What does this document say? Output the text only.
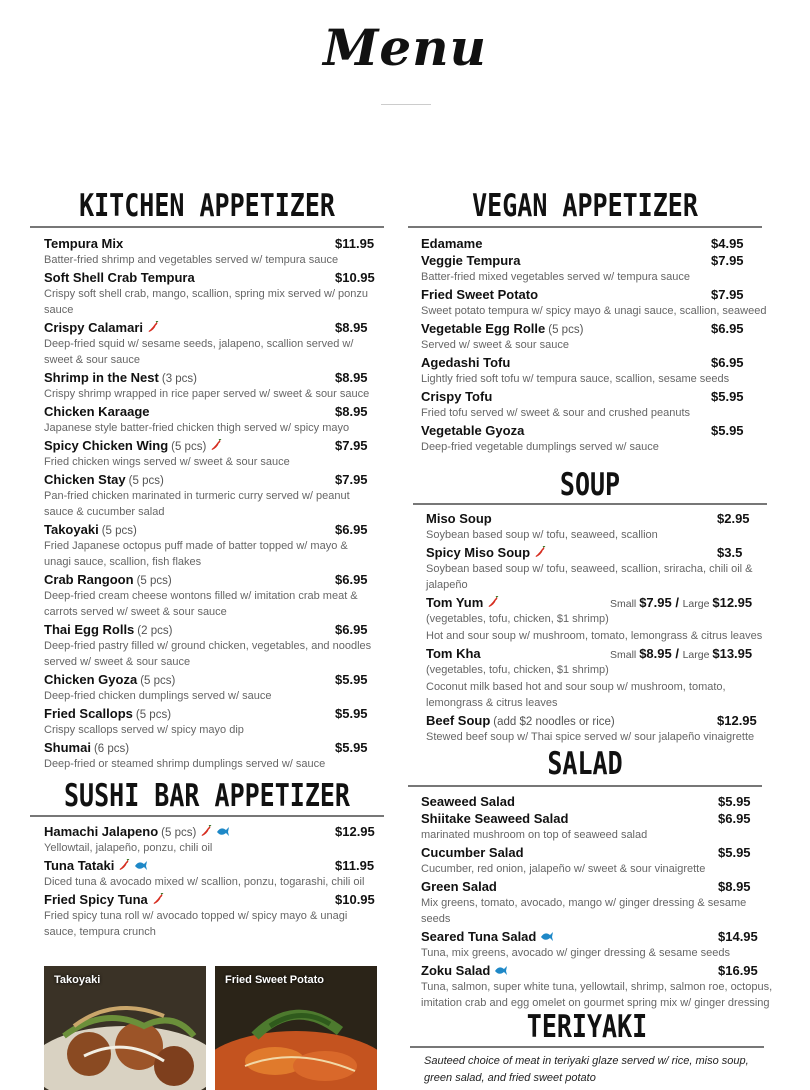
Menu
KITCHEN APPETIZER
SUSHI BAR APPETIZER
VEGAN APPETIZER
SOUP
SALAD
TERIYAKI
Tempura Mix	$11.95
Batter-fried shrimp and vegetables served w/ tempura sauce
Soft Shell Crab Tempura	$10.95
Crispy soft shell crab, mango, scallion, spring mix served w/ ponzu sauce
Crispy Calamari	$8.95
Deep-fried squid w/ sesame seeds, jalapeno, scallion served w/ sweet & sour sauce
Shrimp in the Nest (3 pcs)	$8.95
Crispy shrimp wrapped in rice paper served w/ sweet & sour sauce
Chicken Karaage	$8.95
Japanese style batter-fried chicken thigh served w/ spicy mayo
Spicy Chicken Wing (5 pcs)	$7.95
Fried chicken wings served w/ sweet & sour sauce
Chicken Stay (5 pcs)	$7.95
Pan-fried chicken marinated in turmeric curry served w/ peanut sauce & cucumber salad
Takoyaki (5 pcs)	$6.95
Fried Japanese octopus puff made of batter topped w/ mayo & unagi sauce, scallion, fish flakes
Crab Rangoon (5 pcs)	$6.95
Deep-fried cream cheese wontons filled w/ imitation crab meat & carrots served w/ sweet & sour sauce
Thai Egg Rolls (2 pcs)	$6.95
Deep-fried pastry filled w/ ground chicken, vegetables, and noodles served w/ sweet & sour sauce
Chicken Gyoza (5 pcs)	$5.95
Deep-fried chicken dumplings served w/ sauce
Fried Scallops (5 pcs)	$5.95
Crispy scallops served w/ spicy mayo dip
Shumai (6 pcs)	$5.95
Deep-fried or steamed shrimp dumplings served w/ sauce
Hamachi Jalapeno (5 pcs)	$12.95
Yellowtail, jalapeño, ponzu, chili oil
Tuna Tataki	$11.95
Diced tuna & avocado mixed w/ scallion, ponzu, togarashi, chili oil
Fried Spicy Tuna	$10.95
Fried spicy tuna roll w/ avocado topped w/ spicy mayo & unagi sauce, tempura crunch
Edamame	$4.95
Veggie Tempura	$7.95
Batter-fried mixed vegetables served w/ tempura sauce
Fried Sweet Potato	$7.95
Sweet potato tempura w/ spicy mayo & unagi sauce, scallion, seaweed
Vegetable Egg Rolle (5 pcs)	$6.95
Served w/ sweet & sour sauce
Agedashi Tofu	$6.95
Lightly fried soft tofu w/ tempura sauce, scallion, sesame seeds
Crispy Tofu	$5.95
Fried tofu served w/ sweet & sour and crushed peanuts
Vegetable Gyoza	$5.95
Deep-fried vegetable dumplings served w/ sauce
Miso Soup	$2.95
Soybean based soup w/ tofu, seaweed, scallion
Spicy Miso Soup	$3.5
Soybean based soup w/ tofu, seaweed, scallion, sriracha, chili oil & jalapeño
Tom Yum	Small $7.95 / Large $12.95
(vegetables, tofu, chicken, $1 shrimp)
Hot and sour soup w/ mushroom, tomato, lemongrass & citrus leaves
Tom Kha	Small $8.95 / Large $13.95
(vegetables, tofu, chicken, $1 shrimp)
Coconut milk based hot and sour soup w/ mushroom, tomato, lemongrass & citrus leaves
Beef Soup (add $2 noodles or rice)	$12.95
Stewed beef soup w/ Thai spice served w/ sour jalapeño vinaigrette
Seaweed Salad	$5.95
Shiitake Seaweed Salad	$6.95
marinated mushroom on top of seaweed salad
Cucumber Salad	$5.95
Cucumber, red onion, jalapeño w/ sweet & sour vinaigrette
Green Salad	$8.95
Mix greens, tomato, avocado, mango w/ ginger dressing & sesame seeds
Seared Tuna Salad	$14.95
Tuna, mix greens, avocado w/ ginger dressing & sesame seeds
Zoku Salad	$16.95
Tuna, salmon, super white tuna, yellowtail, shrimp, salmon roe, octopus, imitation crab and egg omelet on gourmet spring mix w/ ginger dressing
Sauteed choice of meat in teriyaki glaze served w/ rice, miso soup, green salad, and fried sweet potato
Takoyaki	Fried Sweet Potato
